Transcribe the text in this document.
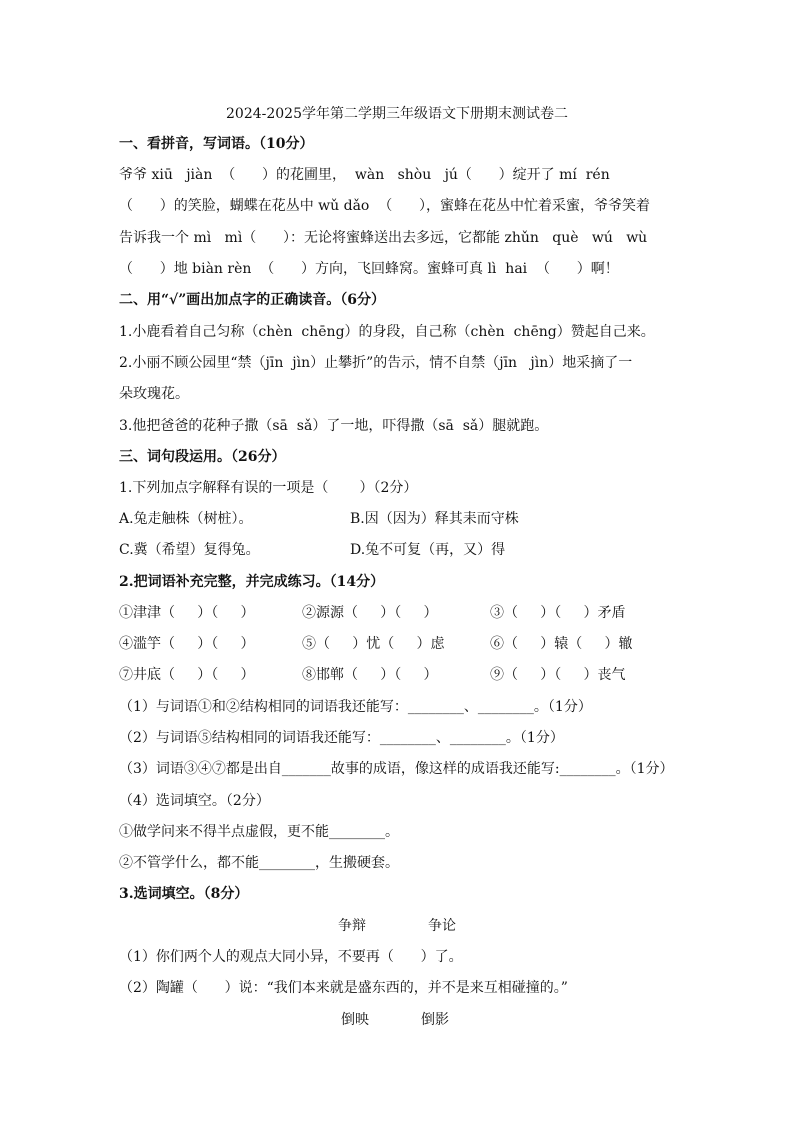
2024-2025学年第二学期三年级语文下册期末测试卷二
一、看拼音，写词语。（10分）
爷爷 xiū   jiàn  （      ）的花圃里，  wàn   shòu   jú（      ）绽开了 mí  rén
（      ）的笑脸，蝴蝶在花丛中 wǔ dǎo  （      ），蜜蜂在花丛中忙着采蜜，爷爷笑着
告诉我一个 mì   mì（      ）：无论将蜜蜂送出去多远，它都能 zhǔn   què   wú   wù
（      ）地 biàn rèn  （      ）方向，飞回蜂窝。蜜蜂可真 lì  hai  （      ）啊！
二、用“√”画出加点字的正确读音。（6分）
1.小鹿看着自己匀称（chèn  chēng）的身段，自己称（chèn  chēng）赞起自己来。
2.小丽不顾公园里“禁（jīn  jìn）止攀折”的告示，情不自禁（jīn   jìn）地采摘了一
朵玫瑰花。
3.他把爸爸的花种子撒（sā  sǎ）了一地，吓得撒（sā  sǎ）腿就跑。
三、词句段运用。（26分）
1.下列加点字解释有误的一项是（       ）（2分）
A.兔走触株（树桩）。	B.因（因为）释其耒而守株
C.冀（希望）复得兔。	D.兔不可复（再，又）得
2.把词语补充完整，并完成练习。（14分）
①津津（     ）（     ）	②源源（     ）（     ）	③（     ）（     ）矛盾
④滥竽（     ）（     ）	⑤（     ）忧（     ）虑	⑥（     ）辕（     ）辙
⑦井底（     ）（     ）	⑧邯郸（     ）（     ）	⑨（     ）（     ）丧气
（1）与词语①和②结构相同的词语我还能写：________、________。（1分）
（2）与词语⑤结构相同的词语我还能写：________、________。（1分）
（3）词语③④⑦都是出自_______故事的成语，像这样的成语我还能写:________。（1分）
（4）选词填空。（2分）
①做学问来不得半点虚假，更不能________。
②不管学什么，都不能________，生搬硬套。
3.选词填空。（8分）
争辩	争论
（1）你们两个人的观点大同小异，不要再（      ）了。
（2）陶罐（      ）说：“我们本来就是盛东西的，并不是来互相碰撞的。”
倒映	倒影
